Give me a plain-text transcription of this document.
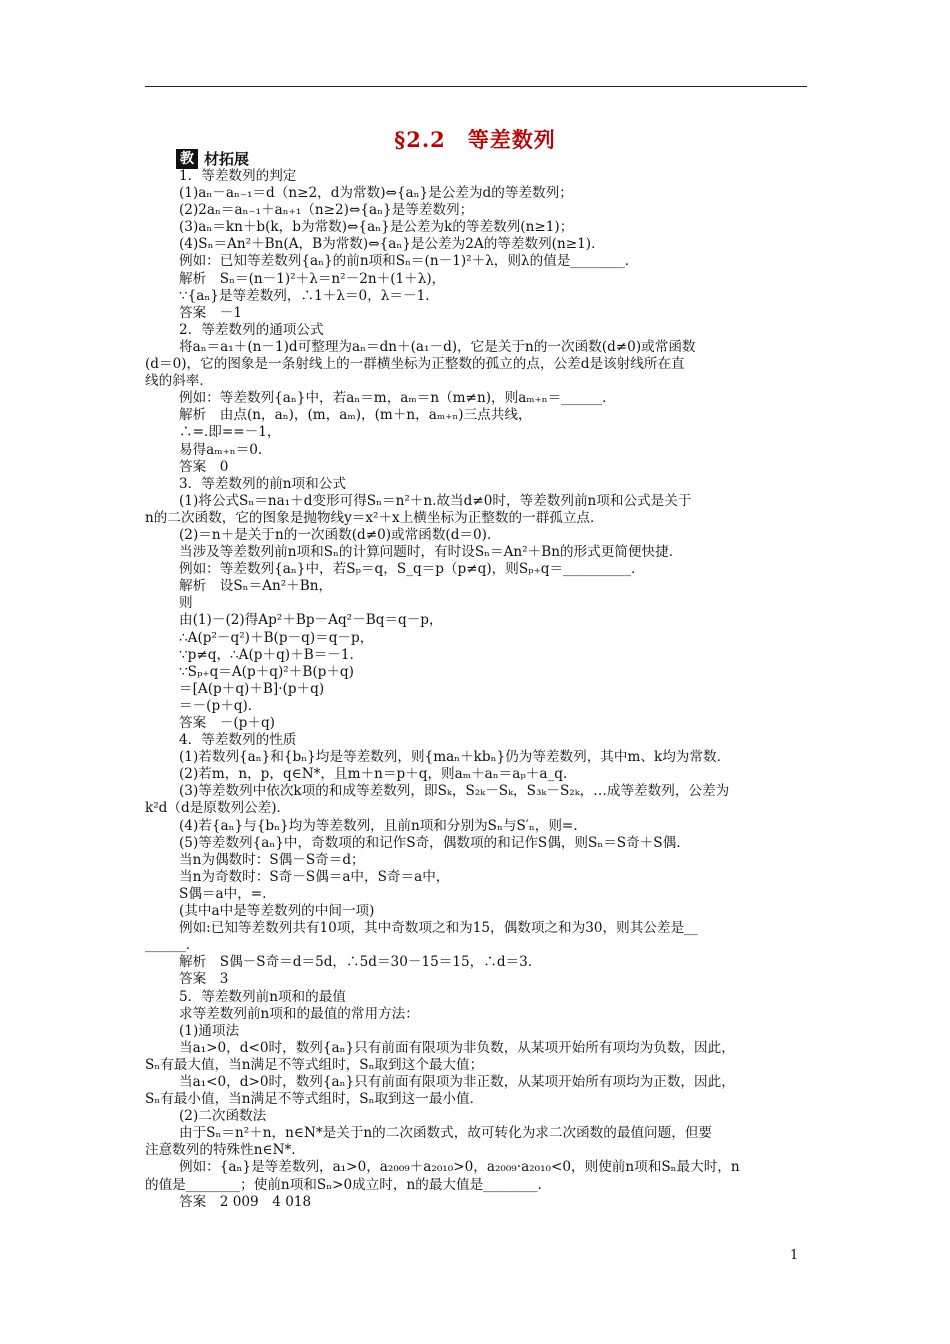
§2.2　等差数列
教 材拓展
1．等差数列的判定
(1)aₙ－aₙ₋₁＝d（n≥2，d为常数)⇔{aₙ}是公差为d的等差数列；
(2)2aₙ＝aₙ₋₁＋aₙ₊₁（n≥2)⇔{aₙ}是等差数列；
(3)aₙ＝kn＋b(k，b为常数)⇔{aₙ}是公差为k的等差数列(n≥1)；
(4)Sₙ＝An²＋Bn(A，B为常数)⇔{aₙ}是公差为2A的等差数列(n≥1)．
例如：已知等差数列{aₙ}的前n项和Sₙ＝(n－1)²＋λ，则λ的值是________．
解析　Sₙ＝(n－1)²＋λ＝n²－2n＋(1＋λ)，
∵{aₙ}是等差数列，∴1＋λ＝0，λ＝－1.
答案　－1
2．等差数列的通项公式
将aₙ＝a₁＋(n－1)d可整理为aₙ＝dn＋(a₁－d)，它是关于n的一次函数(d≠0)或常函数
(d＝0)，它的图象是一条射线上的一群横坐标为正整数的孤立的点，公差d是该射线所在直
线的斜率．
例如：等差数列{aₙ}中，若aₙ＝m，aₘ＝n（m≠n)，则aₘ₊ₙ＝______．
解析　由点(n，aₙ)，(m，aₘ)，(m＋n，aₘ₊ₙ)三点共线，
∴=.即==－1，
易得aₘ₊ₙ＝0.
答案　0
3．等差数列的前n项和公式
(1)将公式Sₙ＝na₁＋d变形可得Sₙ＝n²＋n.故当d≠0时，等差数列前n项和公式是关于
n的二次函数，它的图象是抛物线y＝x²＋x上横坐标为正整数的一群孤立点．
(2)＝n＋是关于n的一次函数(d≠0)或常函数(d＝0)．
当涉及等差数列前n项和Sₙ的计算问题时，有时设Sₙ＝An²＋Bn的形式更简便快捷．
例如：等差数列{aₙ}中，若Sₚ＝q，S_q＝p（p≠q)，则Sₚ₊q＝__________．
解析　设Sₙ＝An²＋Bn，
则
由(1)－(2)得Ap²＋Bp－Aq²－Bq＝q－p，
∴A(p²－q²)＋B(p－q)＝q－p，
∵p≠q，∴A(p＋q)＋B＝－1.
∵Sₚ₊q＝A(p＋q)²＋B(p＋q)
＝[A(p＋q)＋B]·(p＋q)
＝－(p＋q)．
答案　－(p＋q)
4．等差数列的性质
(1)若数列{aₙ}和{bₙ}均是等差数列，则{maₙ＋kbₙ}仍为等差数列，其中m、k均为常数．
(2)若m，n，p，q∈N*，且m＋n＝p＋q，则aₘ＋aₙ＝aₚ＋a_q.
(3)等差数列中依次k项的和成等差数列，即Sₖ，S₂ₖ－Sₖ，S₃ₖ－S₂ₖ，…成等差数列，公差为
k²d（d是原数列公差)．
(4)若{aₙ}与{bₙ}均为等差数列，且前n项和分别为Sₙ与S′ₙ，则=.
(5)等差数列{aₙ}中，奇数项的和记作S奇，偶数项的和记作S偶，则Sₙ＝S奇＋S偶.
当n为偶数时：S偶－S奇＝d；
当n为奇数时：S奇－S偶＝a中，S奇＝a中，
S偶＝a中，=.
(其中a中是等差数列的中间一项)
例如:已知等差数列共有10项，其中奇数项之和为15，偶数项之和为30，则其公差是__
______．
解析　S偶－S奇＝d＝5d，∴5d＝30－15＝15，∴d＝3.
答案　3
5．等差数列前n项和的最值
求等差数列前n项和的最值的常用方法：
(1)通项法
当a₁>0，d<0时，数列{aₙ}只有前面有限项为非负数，从某项开始所有项均为负数，因此，
Sₙ有最大值，当n满足不等式组时，Sₙ取到这个最大值；
当a₁<0，d>0时，数列{aₙ}只有前面有限项为非正数，从某项开始所有项均为正数，因此，
Sₙ有最小值，当n满足不等式组时，Sₙ取到这一最小值．
(2)二次函数法
由于Sₙ＝n²＋n，n∈N*是关于n的二次函数式，故可转化为求二次函数的最值问题，但要
注意数列的特殊性n∈N*.
例如：{aₙ}是等差数列，a₁>0，a₂₀₀₉＋a₂₀₁₀>0，a₂₀₀₉·a₂₀₁₀<0，则使前n项和Sₙ最大时，n
的值是________；使前n项和Sₙ>0成立时，n的最大值是________．
答案　2 009　4 018
1
